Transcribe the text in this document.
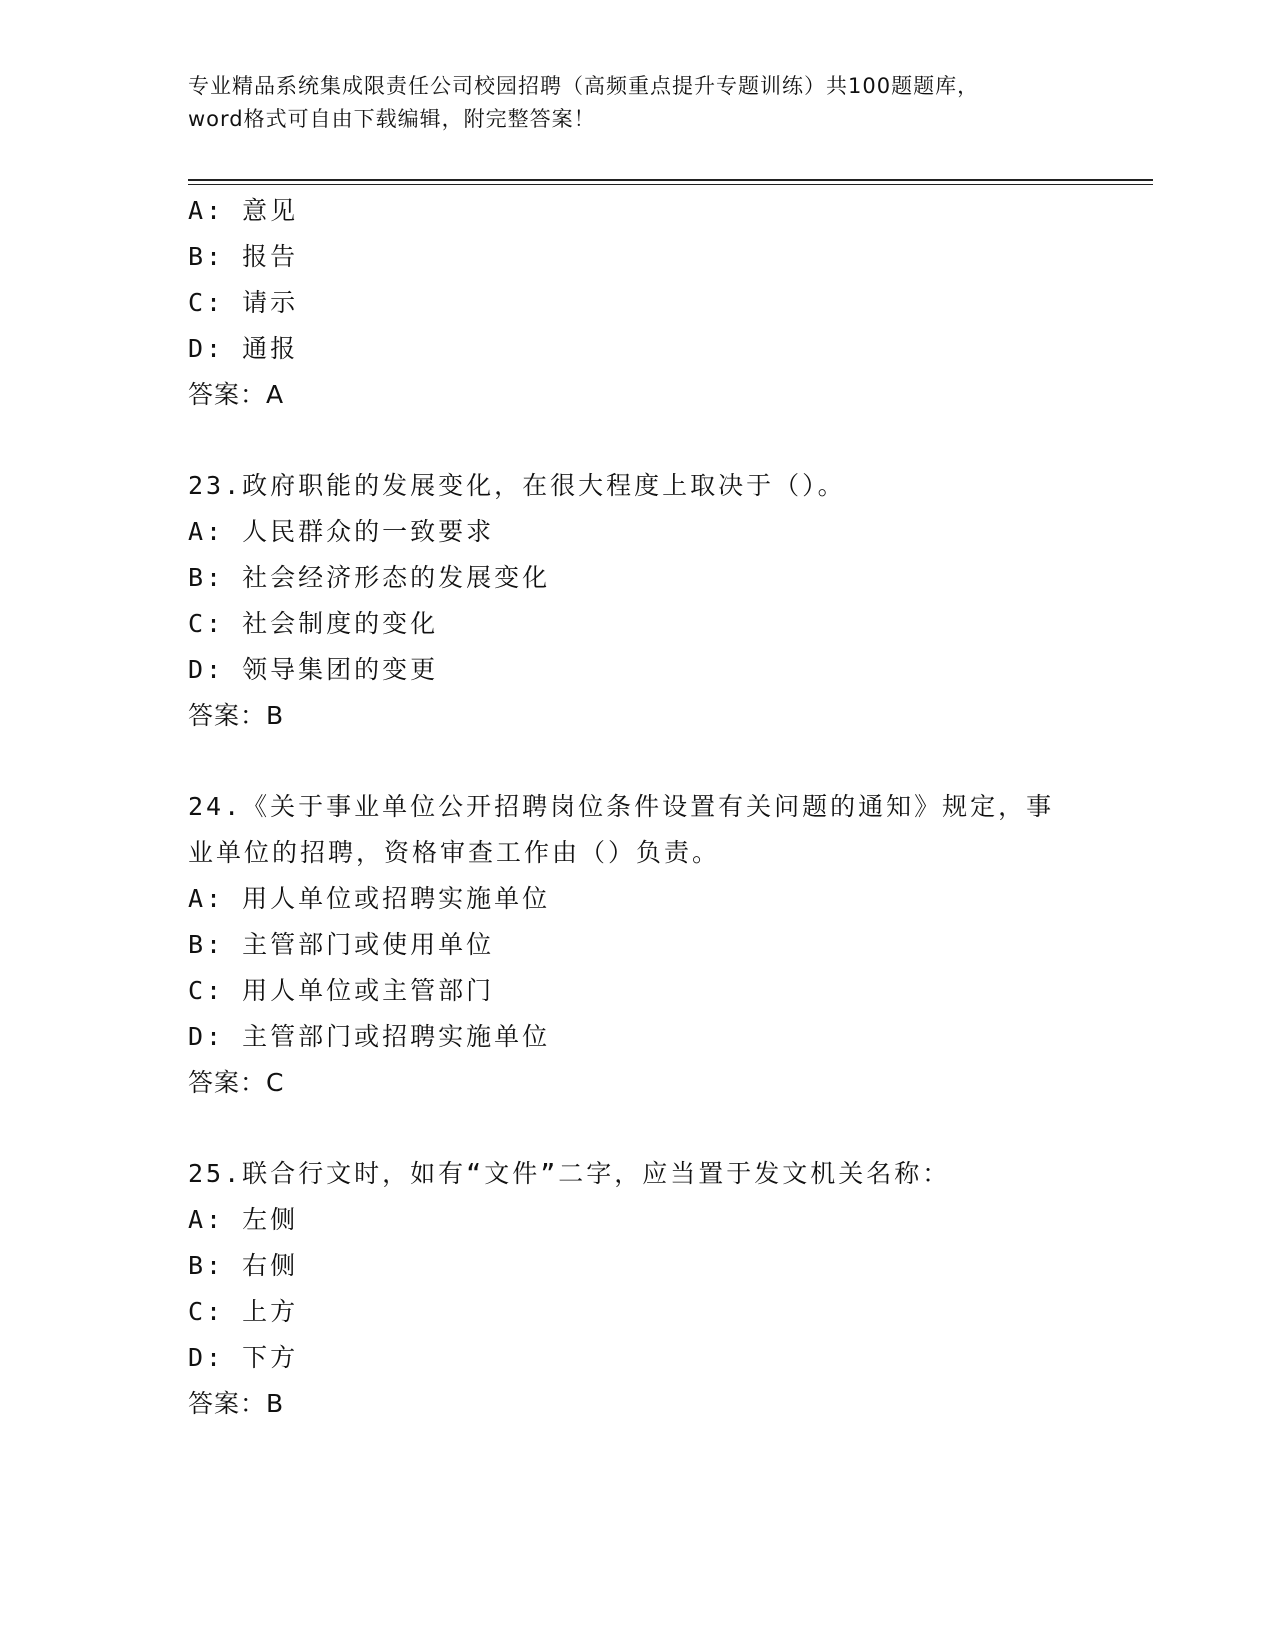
专业精品系统集成限责任公司校园招聘（高频重点提升专题训练）共100题题库，word格式可自由下载编辑，附完整答案！
A: 意见
B: 报告
C: 请示
D: 通报
答案：A
23.政府职能的发展变化，在很大程度上取决于（）。
A: 人民群众的一致要求
B: 社会经济形态的发展变化
C: 社会制度的变化
D: 领导集团的变更
答案：B
24.《关于事业单位公开招聘岗位条件设置有关问题的通知》规定，事
业单位的招聘，资格审查工作由（）负责。
A: 用人单位或招聘实施单位
B: 主管部门或使用单位
C: 用人单位或主管部门
D: 主管部门或招聘实施单位
答案：C
25.联合行文时，如有“文件”二字，应当置于发文机关名称：
A: 左侧
B: 右侧
C: 上方
D: 下方
答案：B
